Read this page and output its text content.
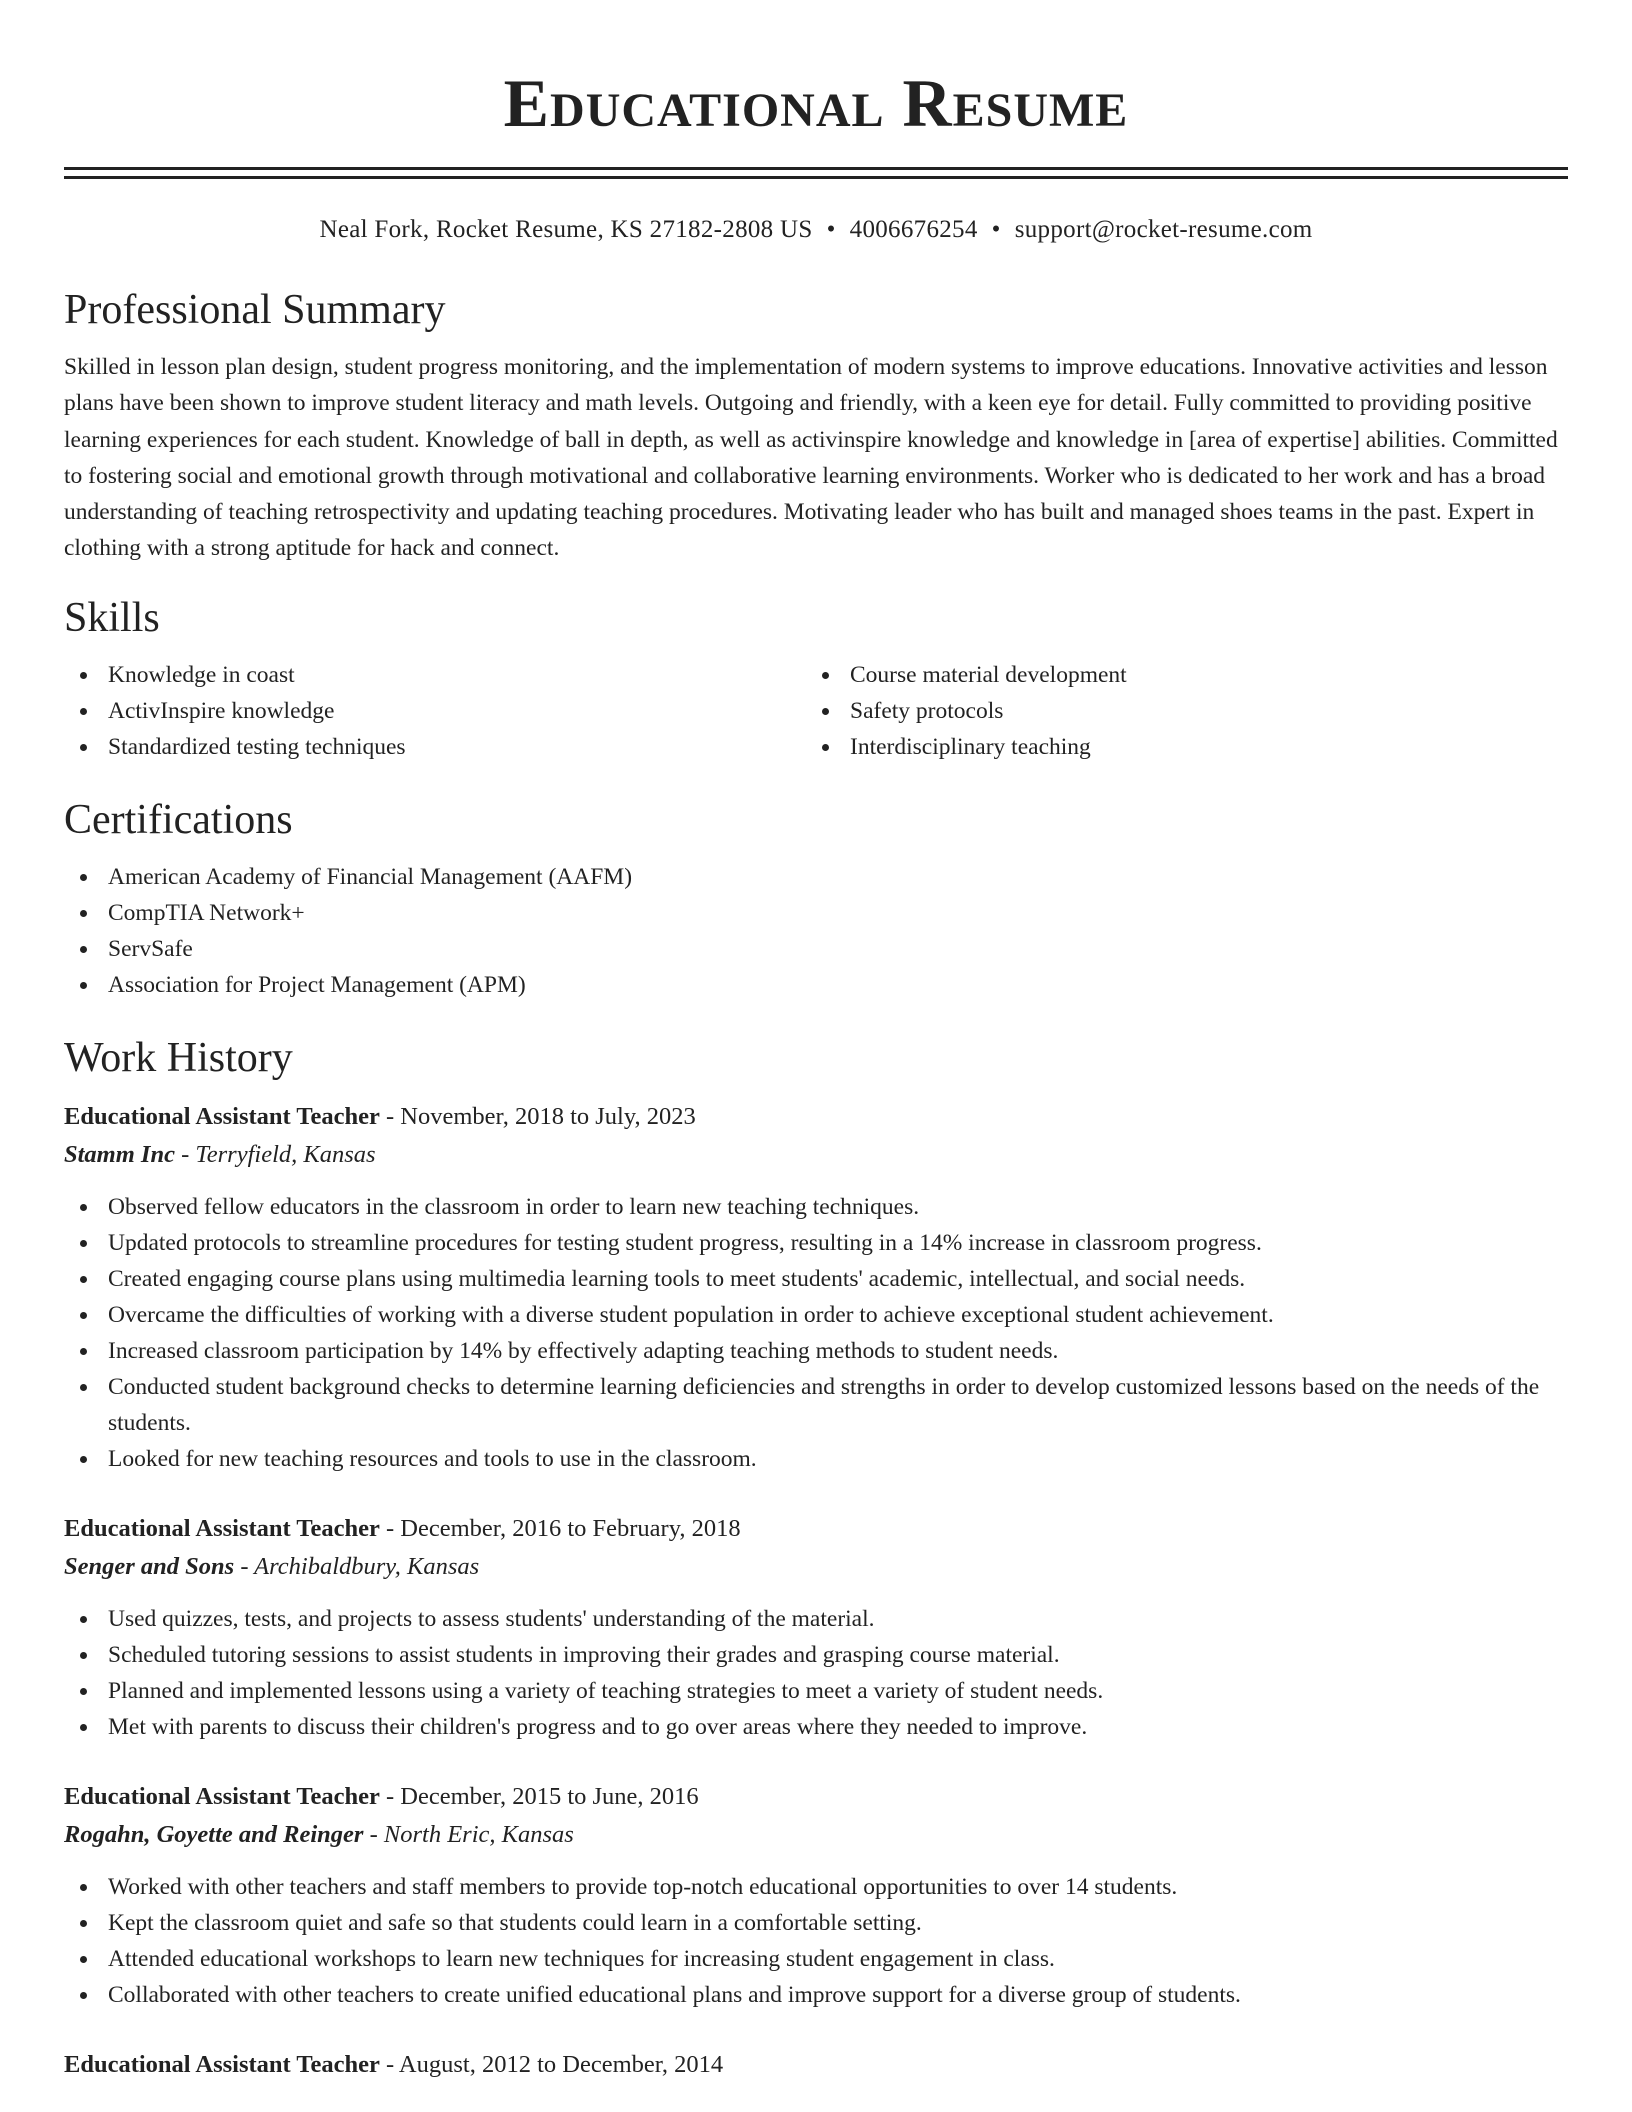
Educational Resume
Neal Fork, Rocket Resume, KS 27182-2808 US • 4006676254 • support@rocket-resume.com
Professional Summary

Skilled in lesson plan design, student progress monitoring, and the implementation of modern systems to improve educations. Innovative activities and lesson plans have been shown to improve student literacy and math levels. Outgoing and friendly, with a keen eye for detail. Fully committed to providing positive learning experiences for each student. Knowledge of ball in depth, as well as activinspire knowledge and knowledge in [area of expertise] abilities. Committed to fostering social and emotional growth through motivational and collaborative learning environments. Worker who is dedicated to her work and has a broad understanding of teaching retrospectivity and updating teaching procedures. Motivating leader who has built and managed shoes teams in the past. Expert in clothing with a strong aptitude for hack and connect.

Skills
Knowledge in coast
ActivInspire knowledge
Standardized testing techniques
Course material development
Safety protocols
Interdisciplinary teaching
Certifications
American Academy of Financial Management (AAFM)
CompTIA Network+
ServSafe
Association for Project Management (APM)
Work History
Educational Assistant Teacher - November, 2018 to July, 2023
Stamm Inc - Terryfield, Kansas
Observed fellow educators in the classroom in order to learn new teaching techniques.
Updated protocols to streamline procedures for testing student progress, resulting in a 14% increase in classroom progress.
Created engaging course plans using multimedia learning tools to meet students' academic, intellectual, and social needs.
Overcame the difficulties of working with a diverse student population in order to achieve exceptional student achievement.
Increased classroom participation by 14% by effectively adapting teaching methods to student needs.
Conducted student background checks to determine learning deficiencies and strengths in order to develop customized lessons based on the needs of the students.
Looked for new teaching resources and tools to use in the classroom.
Educational Assistant Teacher - December, 2016 to February, 2018
Senger and Sons - Archibaldbury, Kansas
Used quizzes, tests, and projects to assess students' understanding of the material.
Scheduled tutoring sessions to assist students in improving their grades and grasping course material.
Planned and implemented lessons using a variety of teaching strategies to meet a variety of student needs.
Met with parents to discuss their children's progress and to go over areas where they needed to improve.
Educational Assistant Teacher - December, 2015 to June, 2016
Rogahn, Goyette and Reinger - North Eric, Kansas
Worked with other teachers and staff members to provide top-notch educational opportunities to over 14 students.
Kept the classroom quiet and safe so that students could learn in a comfortable setting.
Attended educational workshops to learn new techniques for increasing student engagement in class.
Collaborated with other teachers to create unified educational plans and improve support for a diverse group of students.
Educational Assistant Teacher - August, 2012 to December, 2014
